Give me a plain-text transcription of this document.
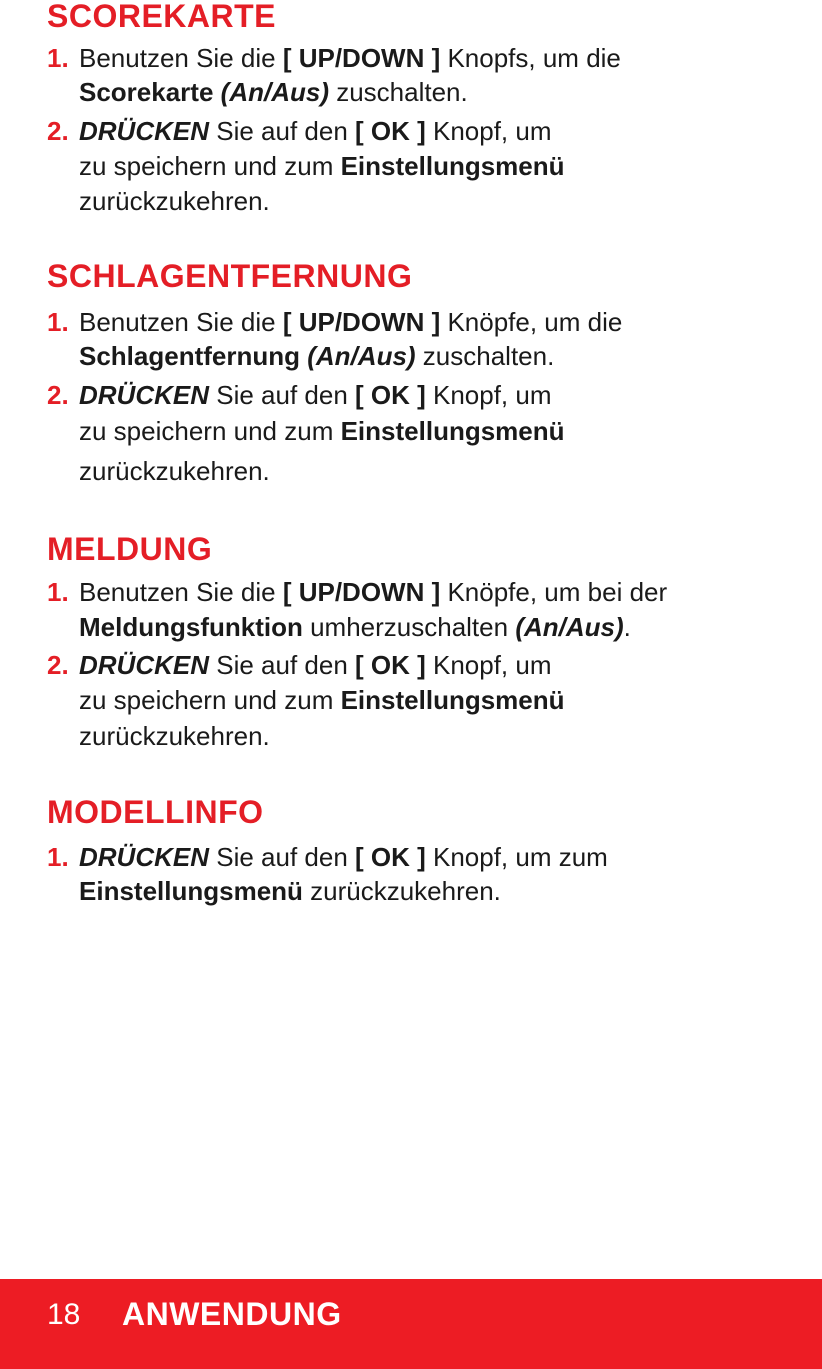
SCOREKARTE
1. Benutzen Sie die [ UP/DOWN ] Knopfs, um die

Scorekarte (An/Aus) zuschalten.

2. DRÜCKEN Sie auf den [ OK ] Knopf, um

zu speichern und zum Einstellungsmenü

zurückzukehren.

SCHLAGENTFERNUNG
1. Benutzen Sie die [ UP/DOWN ] Knöpfe, um die

Schlagentfernung (An/Aus) zuschalten.

2. DRÜCKEN Sie auf den [ OK ] Knopf, um

zu speichern und zum Einstellungsmenü

zurückzukehren.

MELDUNG
1. Benutzen Sie die [ UP/DOWN ] Knöpfe, um bei der

Meldungsfunktion umherzuschalten (An/Aus).

2. DRÜCKEN Sie auf den [ OK ] Knopf, um

zu speichern und zum Einstellungsmenü

zurückzukehren.

MODELLINFO
1. DRÜCKEN Sie auf den [ OK ] Knopf, um zum

Einstellungsmenü zurückzukehren.

18 ANWENDUNG
